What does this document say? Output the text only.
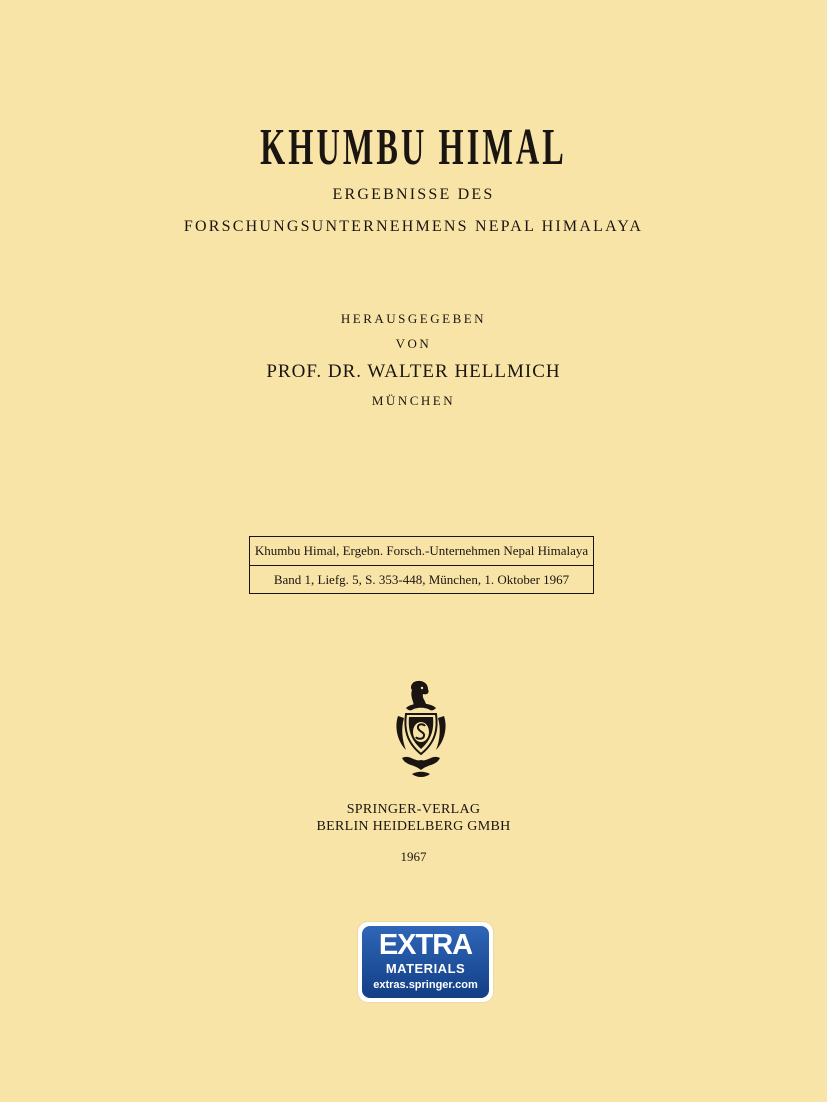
KHUMBU HIMAL
ERGEBNISSE DES
FORSCHUNGSUNTERNEHMENS NEPAL HIMALAYA
HERAUSGEGEBEN
VON
PROF. DR. WALTER HELLMICH
MÜNCHEN
Khumbu Himal, Ergebn. Forsch.-Unternehmen Nepal Himalaya
Band 1, Liefg. 5, S. 353-448, München, 1. Oktober 1967
SPRINGER-VERLAG
BERLIN HEIDELBERG GMBH
1967
EXTRA
MATERIALS
extras.springer.com
